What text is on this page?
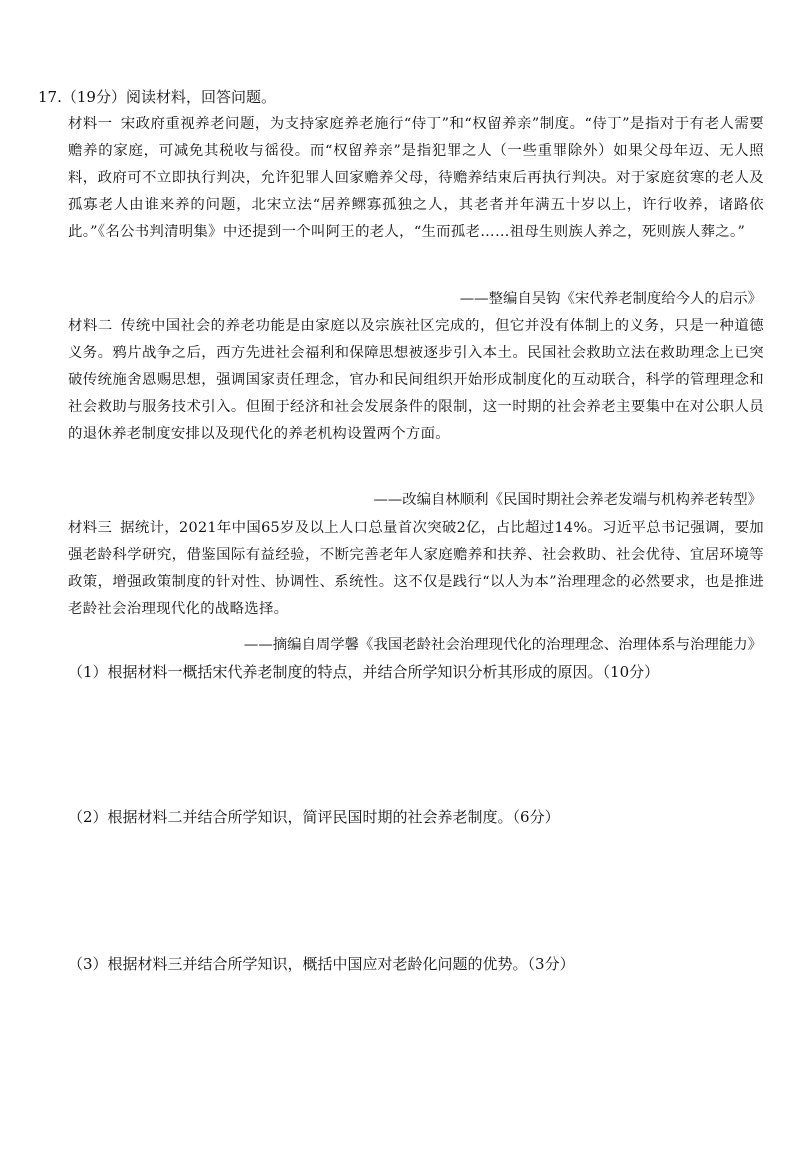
17.（19分）阅读材料，回答问题。
材料一 宋政府重视养老问题，为支持家庭养老施行“侍丁”和“权留养亲”制度。“侍丁”是指对于有老人需要赡养的家庭，可减免其税收与徭役。而“权留养亲”是指犯罪之人（一些重罪除外）如果父母年迈、无人照料，政府可不立即执行判决，允许犯罪人回家赡养父母，待赡养结束后再执行判决。对于家庭贫寒的老人及孤寡老人由谁来养的问题，北宋立法“居养鳏寡孤独之人，其老者并年满五十岁以上，许行收养，诸路依此。”《名公书判清明集》中还提到一个叫阿王的老人，“生而孤老……祖母生则族人养之，死则族人葬之。”
——整编自吴钩《宋代养老制度给今人的启示》
材料二 传统中国社会的养老功能是由家庭以及宗族社区完成的，但它并没有体制上的义务，只是一种道德义务。鸦片战争之后，西方先进社会福利和保障思想被逐步引入本土。民国社会救助立法在救助理念上已突破传统施舍恩赐思想，强调国家责任理念，官办和民间组织开始形成制度化的互动联合，科学的管理理念和社会救助与服务技术引入。但囿于经济和社会发展条件的限制，这一时期的社会养老主要集中在对公职人员的退休养老制度安排以及现代化的养老机构设置两个方面。
——改编自林顺利《民国时期社会养老发端与机构养老转型》
材料三 据统计，2021年中国65岁及以上人口总量首次突破2亿，占比超过14%。习近平总书记强调，要加强老龄科学研究，借鉴国际有益经验，不断完善老年人家庭赡养和扶养、社会救助、社会优待、宜居环境等政策，增强政策制度的针对性、协调性、系统性。这不仅是践行“以人为本”治理理念的必然要求，也是推进老龄社会治理现代化的战略选择。
——摘编自周学馨《我国老龄社会治理现代化的治理理念、治理体系与治理能力》
（1）根据材料一概括宋代养老制度的特点，并结合所学知识分析其形成的原因。（10分）
（2）根据材料二并结合所学知识，简评民国时期的社会养老制度。（6分）
（3）根据材料三并结合所学知识，概括中国应对老龄化问题的优势。（3分）
